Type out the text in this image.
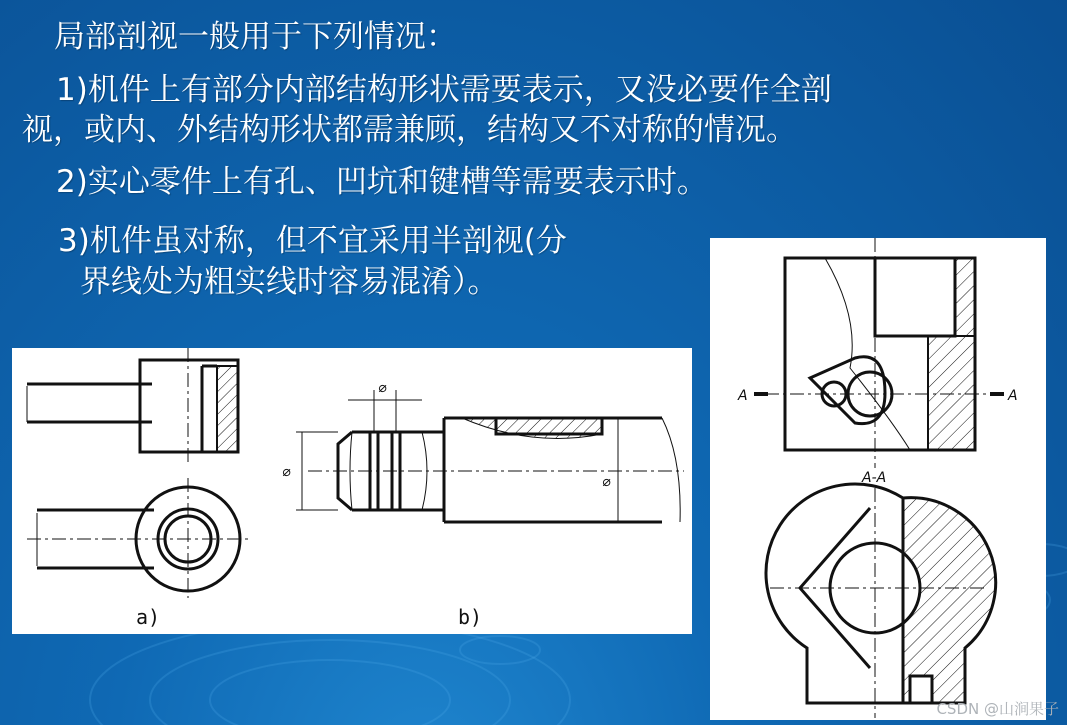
局部剖视一般用于下列情况：
1)机件上有部分内部结构形状需要表示，又没必要作全剖
视，或内、外结构形状都需兼顾，结构又不对称的情况。
2)实心零件上有孔、凹坑和键槽等需要表示时。
3)机件虽对称，但不宜采用半剖视(分
界线处为粗实线时容易混淆）。
a)
⌀
⌀
⌀
b)
A	A
A-A
CSDN @山涧果子
